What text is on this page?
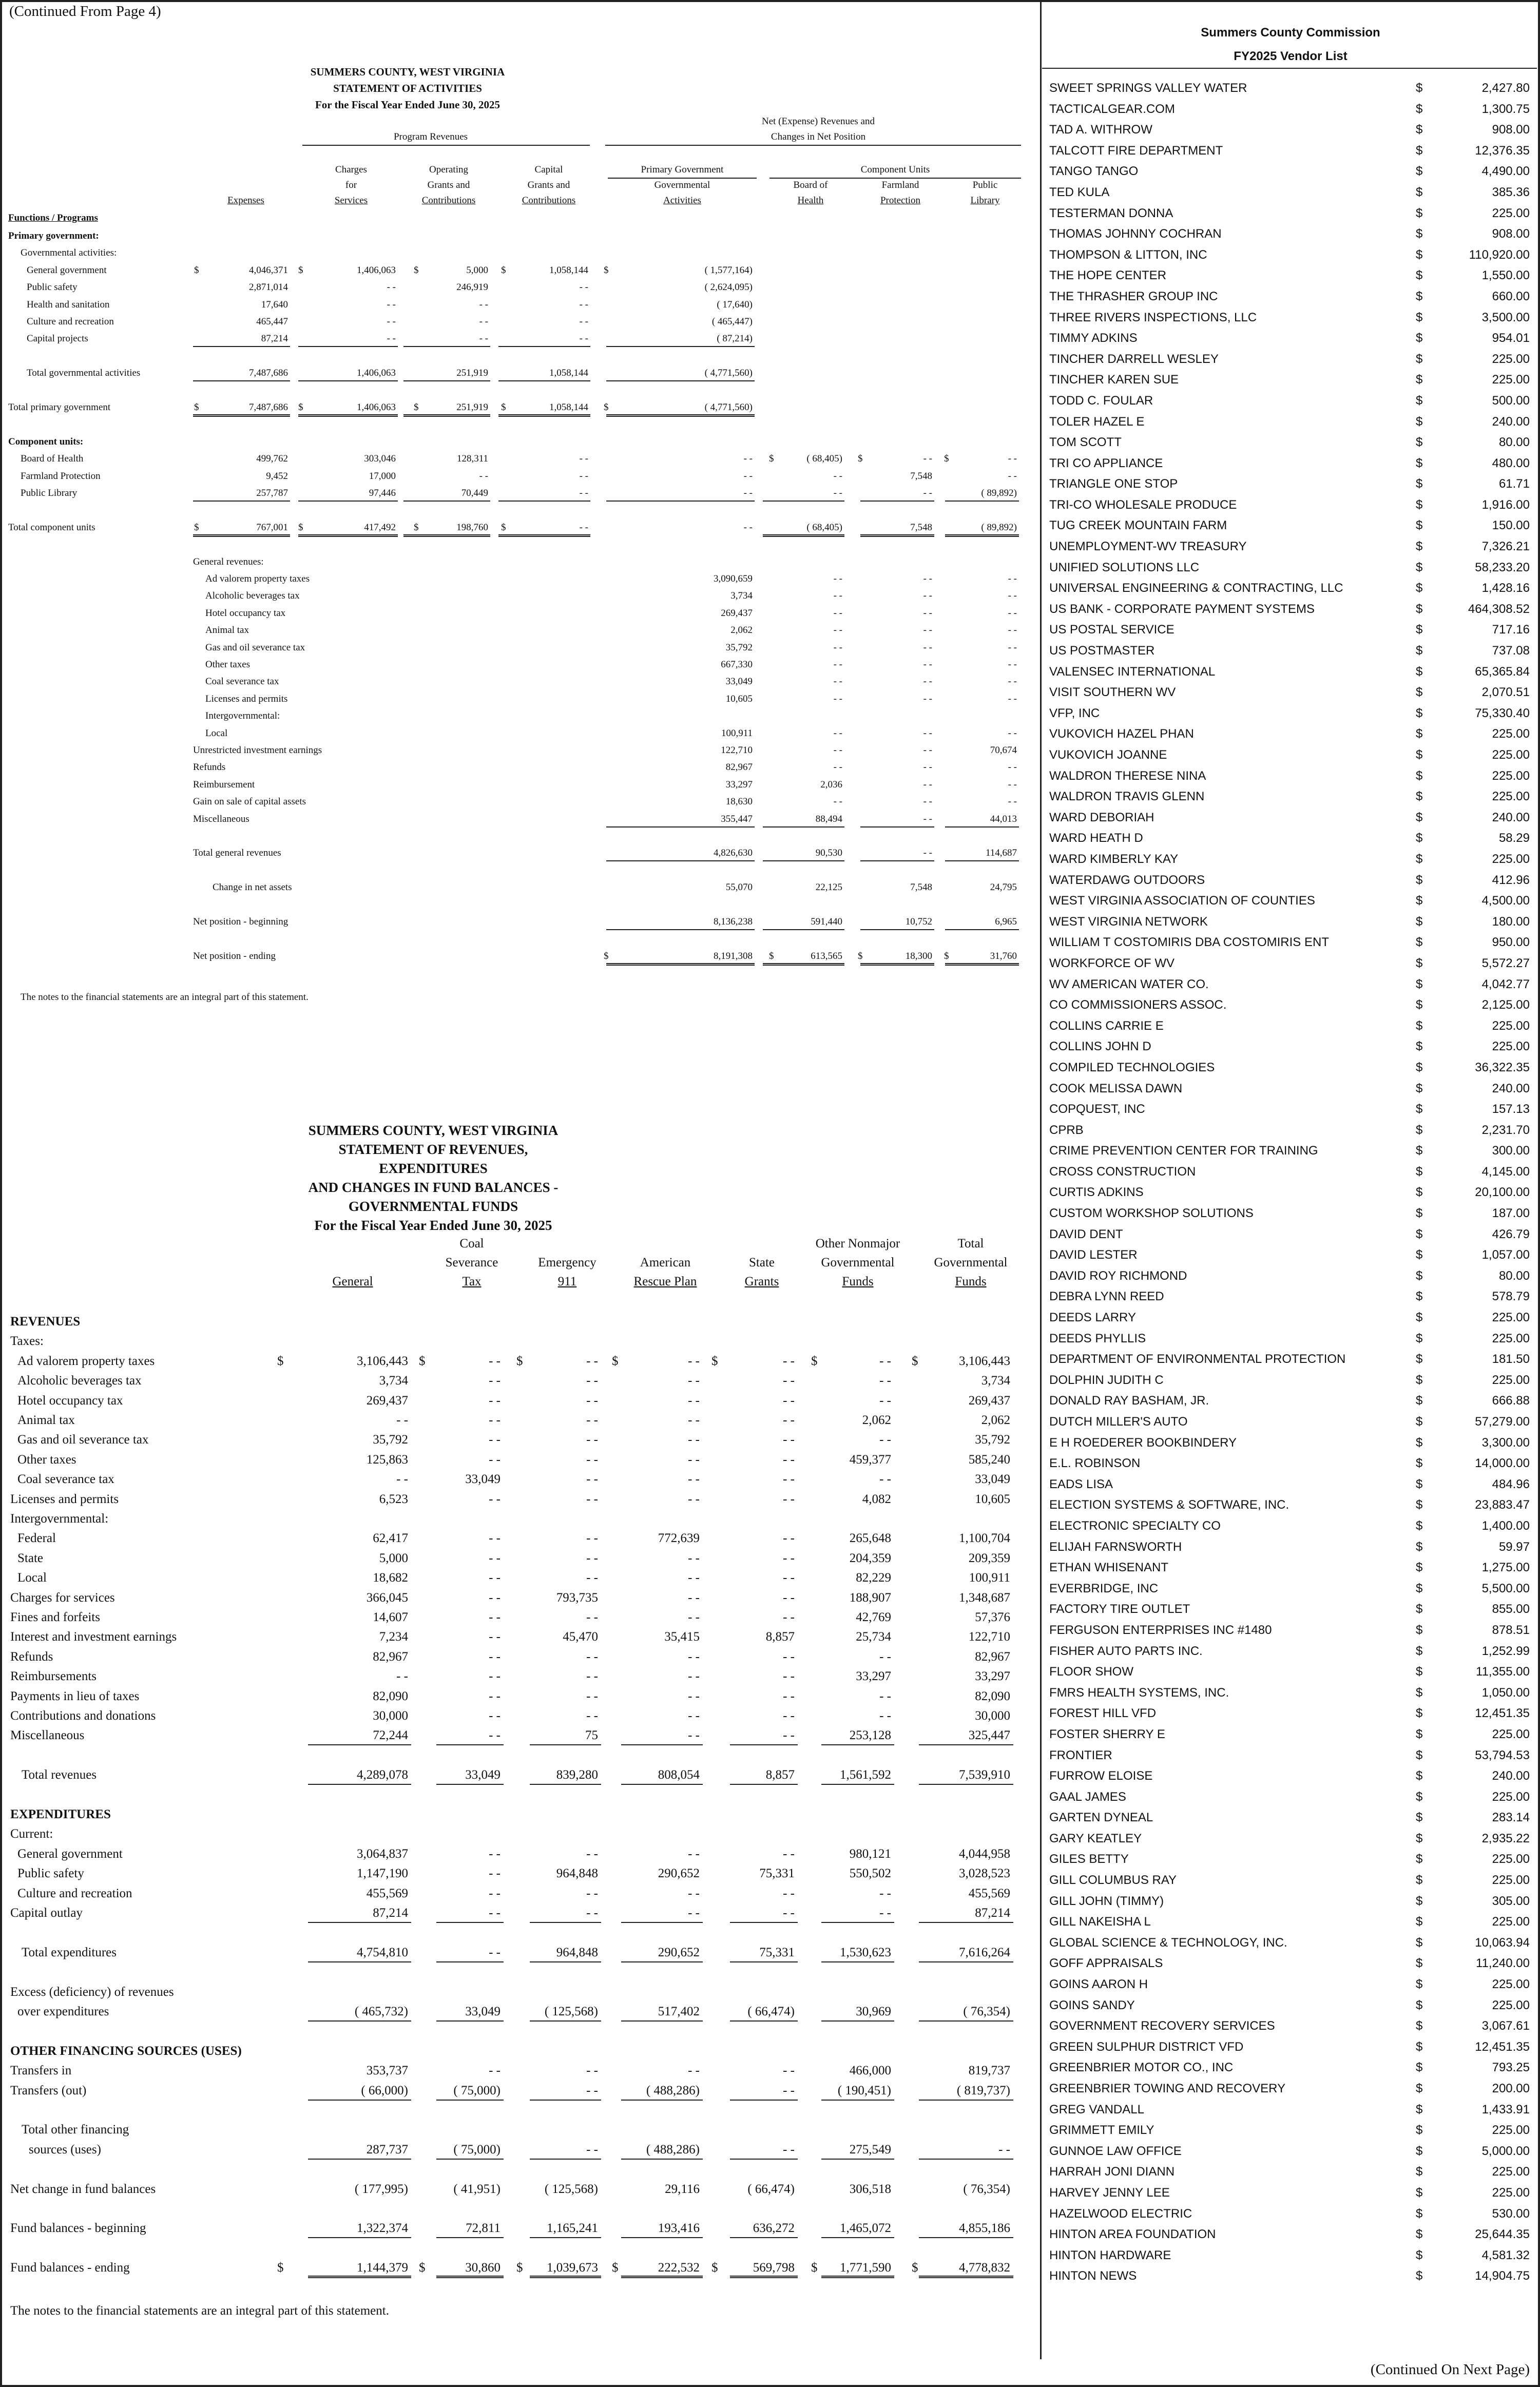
(Continued From Page 4)
SUMMERS COUNTY, WEST VIRGINIA
STATEMENT OF ACTIVITIES
For the Fiscal Year Ended June 30, 2025
Net (Expense) Revenues and
Changes in Net Position
Program Revenues
Primary Government	Component Units
Expenses
Charges
for
Services
Operating
Grants and
Contributions
Capital
Grants and
Contributions
Governmental
Activities
Board of
Health
Farmland
Protection
Public
Library
Functions / Programs
Primary government:
Governmental activities:
General government	$	4,046,371 $	1,406,063 $	5,000 $	1,058,144 $	( 1,577,164)
Public safety	2,871,014	- -	246,919	- -	( 2,624,095)
Health and sanitation	17,640	- -	- -	- -	( 17,640)
Culture and recreation	465,447	- -	- -	- -	( 465,447)
Capital projects	87,214	- -	- -	- -	( 87,214)
Total governmental activities	7,487,686	1,406,063	251,919	1,058,144	( 4,771,560)
Total primary government	$	7,487,686 $	1,406,063 $	251,919 $	1,058,144 $	( 4,771,560)
Component units:
Board of Health	499,762	303,046	128,311	- -	- - $	( 68,405) $	- - $	- -
Farmland Protection	9,452	17,000	- -	- -	- -	- -	7,548	- -
Public Library	257,787	97,446	70,449	- -	- -	- -	- -	( 89,892)
Total component units	$	767,001 $	417,492 $	198,760 $	- -	- -	( 68,405)	7,548	( 89,892)
General revenues:
Ad valorem property taxes	3,090,659	- -	- -	- -
Alcoholic beverages tax	3,734	- -	- -	- -
Hotel occupancy tax	269,437	- -	- -	- -
Animal tax	2,062	- -	- -	- -
Gas and oil severance tax	35,792	- -	- -	- -
Other taxes	667,330	- -	- -	- -
Coal severance tax	33,049	- -	- -	- -
Licenses and permits	10,605	- -	- -	- -
Intergovernmental:
Local	100,911	- -	- -	- -
Unrestricted investment earnings	122,710	- -	- -	70,674
Refunds	82,967	- -	- -	- -
Reimbursement	33,297	2,036	- -	- -
Gain on sale of capital assets	18,630	- -	- -	- -
Miscellaneous	355,447	88,494	- -	44,013
Total general revenues	4,826,630	90,530	- -	114,687
Change in net assets	55,070	22,125	7,548	24,795
Net position - beginning	8,136,238	591,440	10,752	6,965
Net position - ending	$	8,191,308 $	613,565 $	18,300 $	31,760
The notes to the financial statements are an integral part of this statement.
SUMMERS COUNTY, WEST VIRGINIA
STATEMENT OF REVENUES, EXPENDITURES
AND CHANGES IN FUND BALANCES -
GOVERNMENTAL FUNDS
For the Fiscal Year Ended June 30, 2025
General
Coal
Severance
Tax
Emergency
911
American
Rescue Plan
State
Grants
Other Nonmajor
Governmental
Funds
Total
Governmental
Funds
REVENUES
Taxes:
Ad valorem property taxes	$	3,106,443 $	- - $	- - $	- - $	- - $	- - $	3,106,443
Alcoholic beverages tax	3,734	- -	- -	- -	- -	- -	3,734
Hotel occupancy tax	269,437	- -	- -	- -	- -	- -	269,437
Animal tax	- -	- -	- -	- -	- -	2,062	2,062
Gas and oil severance tax	35,792	- -	- -	- -	- -	- -	35,792
Other taxes	125,863	- -	- -	- -	- -	459,377	585,240
Coal severance tax	- -	33,049	- -	- -	- -	- -	33,049
Licenses and permits	6,523	- -	- -	- -	- -	4,082	10,605
Intergovernmental:
Federal	62,417	- -	- -	772,639	- -	265,648	1,100,704
State	5,000	- -	- -	- -	- -	204,359	209,359
Local	18,682	- -	- -	- -	- -	82,229	100,911
Charges for services	366,045	- -	793,735	- -	- -	188,907	1,348,687
Fines and forfeits	14,607	- -	- -	- -	- -	42,769	57,376
Interest and investment earnings	7,234	- -	45,470	35,415	8,857	25,734	122,710
Refunds	82,967	- -	- -	- -	- -	- -	82,967
Reimbursements	- -	- -	- -	- -	- -	33,297	33,297
Payments in lieu of taxes	82,090	- -	- -	- -	- -	- -	82,090
Contributions and donations	30,000	- -	- -	- -	- -	- -	30,000
Miscellaneous	72,244	- -	75	- -	- -	253,128	325,447
Total revenues	4,289,078	33,049	839,280	808,054	8,857	1,561,592	7,539,910
EXPENDITURES
Current:
General government	3,064,837	- -	- -	- -	- -	980,121	4,044,958
Public safety	1,147,190	- -	964,848	290,652	75,331	550,502	3,028,523
Culture and recreation	455,569	- -	- -	- -	- -	- -	455,569
Capital outlay	87,214	- -	- -	- -	- -	- -	87,214
Total expenditures	4,754,810	- -	964,848	290,652	75,331	1,530,623	7,616,264
Excess (deficiency) of revenues
over expenditures	( 465,732)	33,049	( 125,568)	517,402	( 66,474)	30,969	( 76,354)
OTHER FINANCING SOURCES (USES)
Transfers in	353,737	- -	- -	- -	- -	466,000	819,737
Transfers (out)	( 66,000)	( 75,000)	- -	( 488,286)	- -	( 190,451)	( 819,737)
Total other financing
sources (uses)	287,737	( 75,000)	- -	( 488,286)	- -	275,549	- -
Net change in fund balances	( 177,995)	( 41,951)	( 125,568)	29,116	( 66,474)	306,518	( 76,354)
Fund balances - beginning	1,322,374	72,811	1,165,241	193,416	636,272	1,465,072	4,855,186
Fund balances - ending	$	1,144,379 $	30,860 $ 1,039,673 $	222,532 $	569,798 $ 1,771,590 $	4,778,832
The notes to the financial statements are an integral part of this statement.
Summers County Commission
FY2025 Vendor List
SWEET SPRINGS VALLEY WATER	$	2,427.80
TACTICALGEAR.COM	$	1,300.75
TAD A. WITHROW	$	908.00
TALCOTT FIRE DEPARTMENT	$	12,376.35
TANGO TANGO	$	4,490.00
TED KULA	$	385.36
TESTERMAN DONNA	$	225.00
THOMAS JOHNNY COCHRAN	$	908.00
THOMPSON & LITTON, INC	$	110,920.00
THE HOPE CENTER	$	1,550.00
THE THRASHER GROUP INC	$	660.00
THREE RIVERS INSPECTIONS, LLC	$	3,500.00
TIMMY ADKINS	$	954.01
TINCHER DARRELL WESLEY	$	225.00
TINCHER KAREN SUE	$	225.00
TODD C. FOULAR	$	500.00
TOLER HAZEL E	$	240.00
TOM SCOTT	$	80.00
TRI CO APPLIANCE	$	480.00
TRIANGLE ONE STOP	$	61.71
TRI-CO WHOLESALE PRODUCE	$	1,916.00
TUG CREEK MOUNTAIN FARM	$	150.00
UNEMPLOYMENT-WV TREASURY	$	7,326.21
UNIFIED SOLUTIONS LLC	$	58,233.20
UNIVERSAL ENGINEERING & CONTRACTING, LLC	$	1,428.16
US BANK - CORPORATE PAYMENT SYSTEMS	$	464,308.52
US POSTAL SERVICE	$	717.16
US POSTMASTER	$	737.08
VALENSEC INTERNATIONAL	$	65,365.84
VISIT SOUTHERN WV	$	2,070.51
VFP, INC	$	75,330.40
VUKOVICH HAZEL PHAN	$	225.00
VUKOVICH JOANNE	$	225.00
WALDRON THERESE NINA	$	225.00
WALDRON TRAVIS GLENN	$	225.00
WARD DEBORIAH	$	240.00
WARD HEATH D	$	58.29
WARD KIMBERLY KAY	$	225.00
WATERDAWG OUTDOORS	$	412.96
WEST VIRGINIA ASSOCIATION OF COUNTIES	$	4,500.00
WEST VIRGINIA NETWORK	$	180.00
WILLIAM T COSTOMIRIS DBA COSTOMIRIS ENT	$	950.00
WORKFORCE OF WV	$	5,572.27
WV AMERICAN WATER CO.	$	4,042.77
CO COMMISSIONERS ASSOC.	$	2,125.00
COLLINS CARRIE E	$	225.00
COLLINS JOHN D	$	225.00
COMPILED TECHNOLOGIES	$	36,322.35
COOK MELISSA DAWN	$	240.00
COPQUEST, INC	$	157.13
CPRB	$	2,231.70
CRIME PREVENTION CENTER FOR TRAINING	$	300.00
CROSS CONSTRUCTION	$	4,145.00
CURTIS ADKINS	$	20,100.00
CUSTOM WORKSHOP SOLUTIONS	$	187.00
DAVID DENT	$	426.79
DAVID LESTER	$	1,057.00
DAVID ROY RICHMOND	$	80.00
DEBRA LYNN REED	$	578.79
DEEDS LARRY	$	225.00
DEEDS PHYLLIS	$	225.00
DEPARTMENT OF ENVIRONMENTAL PROTECTION	$	181.50
DOLPHIN JUDITH C	$	225.00
DONALD RAY BASHAM, JR.	$	666.88
DUTCH MILLER'S AUTO	$	57,279.00
E H ROEDERER BOOKBINDERY	$	3,300.00
E.L. ROBINSON	$	14,000.00
EADS LISA	$	484.96
ELECTION SYSTEMS & SOFTWARE, INC.	$	23,883.47
ELECTRONIC SPECIALTY CO	$	1,400.00
ELIJAH FARNSWORTH	$	59.97
ETHAN WHISENANT	$	1,275.00
EVERBRIDGE, INC	$	5,500.00
FACTORY TIRE OUTLET	$	855.00
FERGUSON ENTERPRISES INC #1480	$	878.51
FISHER AUTO PARTS INC.	$	1,252.99
FLOOR SHOW	$	11,355.00
FMRS HEALTH SYSTEMS, INC.	$	1,050.00
FOREST HILL VFD	$	12,451.35
FOSTER SHERRY E	$	225.00
FRONTIER	$	53,794.53
FURROW ELOISE	$	240.00
GAAL JAMES	$	225.00
GARTEN DYNEAL	$	283.14
GARY KEATLEY	$	2,935.22
GILES BETTY	$	225.00
GILL COLUMBUS RAY	$	225.00
GILL JOHN (TIMMY)	$	305.00
GILL NAKEISHA L	$	225.00
GLOBAL SCIENCE & TECHNOLOGY, INC.	$	10,063.94
GOFF APPRAISALS	$	11,240.00
GOINS AARON H	$	225.00
GOINS SANDY	$	225.00
GOVERNMENT RECOVERY SERVICES	$	3,067.61
GREEN SULPHUR DISTRICT VFD	$	12,451.35
GREENBRIER MOTOR CO., INC	$	793.25
GREENBRIER TOWING AND RECOVERY	$	200.00
GREG VANDALL	$	1,433.91
GRIMMETT EMILY	$	225.00
GUNNOE LAW OFFICE	$	5,000.00
HARRAH JONI DIANN	$	225.00
HARVEY JENNY LEE	$	225.00
HAZELWOOD ELECTRIC	$	530.00
HINTON AREA FOUNDATION	$	25,644.35
HINTON HARDWARE	$	4,581.32
HINTON NEWS	$	14,904.75
(Continued On Next Page)
